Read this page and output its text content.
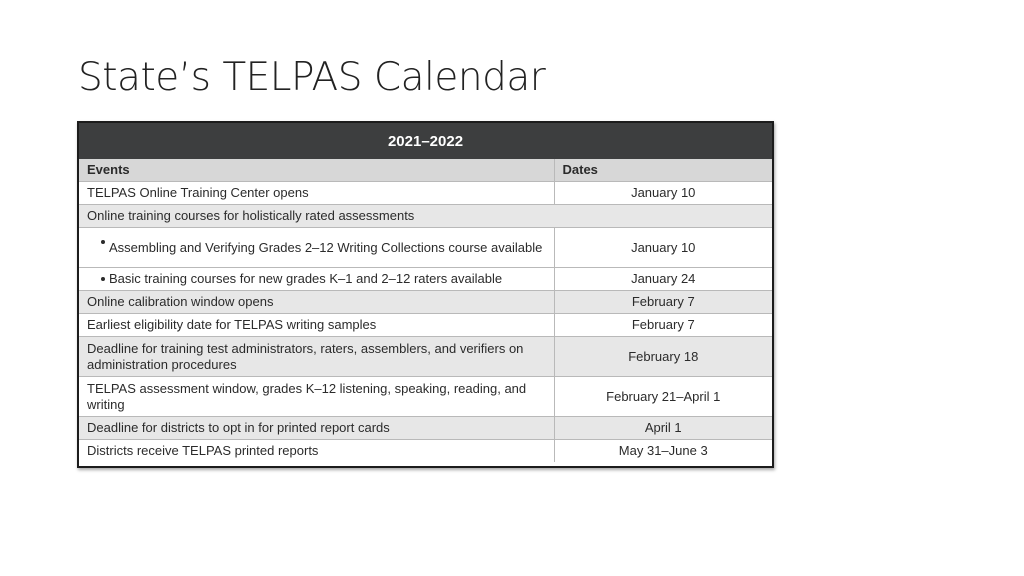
State’s TELPAS Calendar
2021–2022
Events	Dates
TELPAS Online Training Center opens	January 10
Online training courses for holistically rated assessments	

Assembling and Verifying Grades 2–12 Writing Collections course available	January 10

Basic training courses for new grades K–1 and 2–12 raters available	January 24
Online calibration window opens	February 7
Earliest eligibility date for TELPAS writing samples	February 7
Deadline for training test administrators, raters, assemblers, and verifiers on administration procedures	February 18
TELPAS assessment window, grades K–12 listening, speaking, reading, and writing	February 21–April 1
Deadline for districts to opt in for printed report cards	April 1
Districts receive TELPAS printed reports	May 31–June 3
